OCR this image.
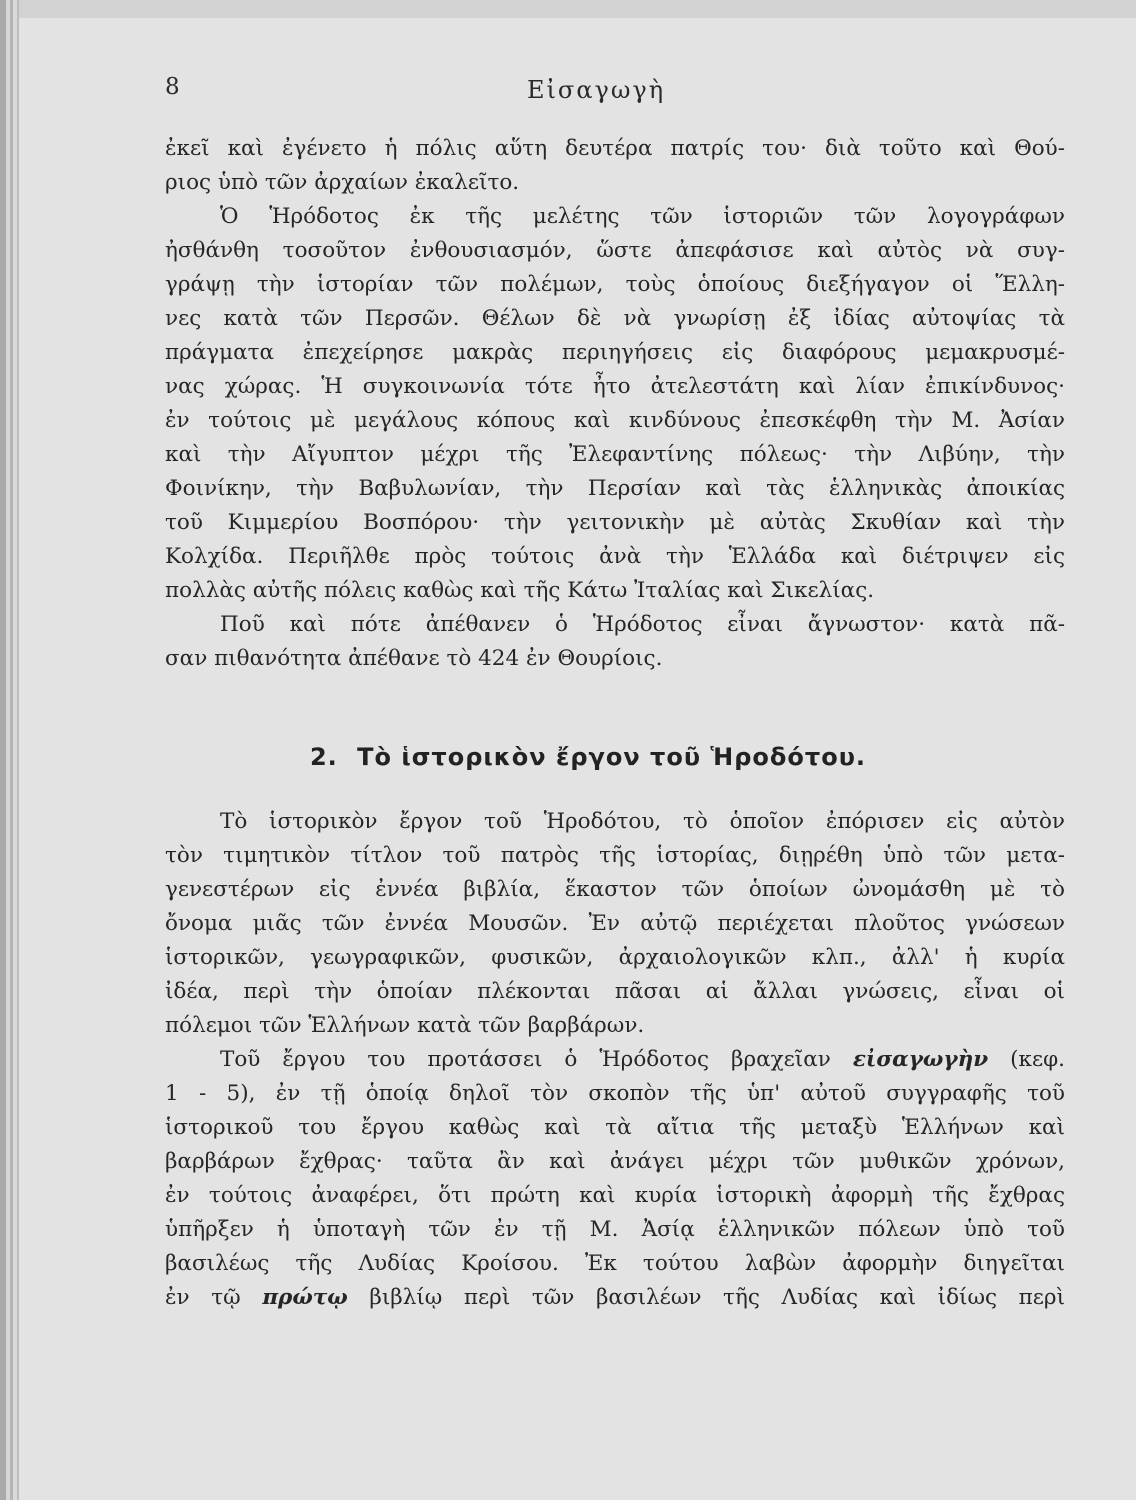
8	Εἰσαγωγὴ
ἐκεῖ καὶ ἐγένετο ἡ πόλις αὕτη δευτέρα πατρίς του· διὰ τοῦτο καὶ Θού-
ριος ὑπὸ τῶν ἀρχαίων ἐκαλεῖτο.
Ὁ Ἡρόδοτος ἐκ τῆς μελέτης τῶν ἱστοριῶν τῶν λογογράφων
ἠσθάνθη τοσοῦτον ἐνθουσιασμόν, ὥστε ἀπεφάσισε καὶ αὐτὸς νὰ συγ-
γράψῃ τὴν ἱστορίαν τῶν πολέμων, τοὺς ὁποίους διεξήγαγον οἱ Ἕλλη-
νες κατὰ τῶν Περσῶν. Θέλων δὲ νὰ γνωρίσῃ ἐξ ἰδίας αὐτοψίας τὰ
πράγματα ἐπεχείρησε μακρὰς περιηγήσεις εἰς διαφόρους μεμακρυσμέ-
νας χώρας. Ἡ συγκοινωνία τότε ἦτο ἀτελεστάτη καὶ λίαν ἐπικίνδυνος·
ἐν τούτοις μὲ μεγάλους κόπους καὶ κινδύνους ἐπεσκέφθη τὴν Μ. Ἀσίαν
καὶ τὴν Αἴγυπτον μέχρι τῆς Ἐλεφαντίνης πόλεως· τὴν Λιβύην, τὴν
Φοινίκην, τὴν Βαβυλωνίαν, τὴν Περσίαν καὶ τὰς ἑλληνικὰς ἀποικίας
τοῦ Κιμμερίου Βοσπόρου· τὴν γειτονικὴν μὲ αὐτὰς Σκυθίαν καὶ τὴν
Κολχίδα. Περιῆλθε πρὸς τούτοις ἀνὰ τὴν Ἑλλάδα καὶ διέτριψεν εἰς
πολλὰς αὐτῆς πόλεις καθὼς καὶ τῆς Κάτω Ἰταλίας καὶ Σικελίας.
Ποῦ καὶ πότε ἀπέθανεν ὁ Ἡρόδοτος εἶναι ἄγνωστον· κατὰ πᾶ-
σαν πιθανότητα ἀπέθανε τὸ 424 ἐν Θουρίοις.
2. Τὸ ἱστορικὸν ἔργον τοῦ Ἡροδότου.
Τὸ ἱστορικὸν ἔργον τοῦ Ἡροδότου, τὸ ὁποῖον ἐπόρισεν εἰς αὐτὸν
τὸν τιμητικὸν τίτλον τοῦ πατρὸς τῆς ἱστορίας, διῃρέθη ὑπὸ τῶν μετα-
γενεστέρων εἰς ἐννέα βιβλία, ἕκαστον τῶν ὁποίων ὠνομάσθη μὲ τὸ
ὄνομα μιᾶς τῶν ἐννέα Μουσῶν. Ἐν αὐτῷ περιέχεται πλοῦτος γνώσεων
ἱστορικῶν, γεωγραφικῶν, φυσικῶν, ἀρχαιολογικῶν κλπ., ἀλλ' ἡ κυρία
ἰδέα, περὶ τὴν ὁποίαν πλέκονται πᾶσαι αἱ ἄλλαι γνώσεις, εἶναι οἱ
πόλεμοι τῶν Ἑλλήνων κατὰ τῶν βαρβάρων.
Τοῦ ἔργου του προτάσσει ὁ Ἡρόδοτος βραχεῖαν εἰσαγωγὴν (κεφ.
1 - 5), ἐν τῇ ὁποίᾳ δηλοῖ τὸν σκοπὸν τῆς ὑπ' αὐτοῦ συγγραφῆς τοῦ
ἱστορικοῦ του ἔργου καθὼς καὶ τὰ αἴτια τῆς μεταξὺ Ἑλλήνων καὶ
βαρβάρων ἔχθρας· ταῦτα ἂν καὶ ἀνάγει μέχρι τῶν μυθικῶν χρόνων,
ἐν τούτοις ἀναφέρει, ὅτι πρώτη καὶ κυρία ἱστορικὴ ἀφορμὴ τῆς ἔχθρας
ὑπῆρξεν ἡ ὑποταγὴ τῶν ἐν τῇ Μ. Ἀσίᾳ ἑλληνικῶν πόλεων ὑπὸ τοῦ
βασιλέως τῆς Λυδίας Κροίσου. Ἐκ τούτου λαβὼν ἀφορμὴν διηγεῖται
ἐν τῷ πρώτῳ βιβλίῳ περὶ τῶν βασιλέων τῆς Λυδίας καὶ ἰδίως περὶ
